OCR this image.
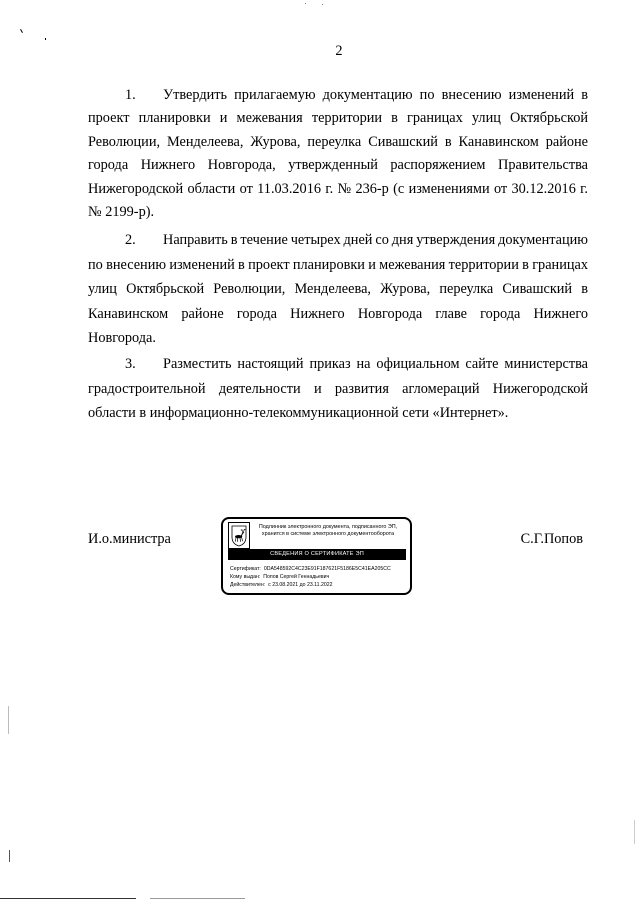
2
1. Утвердить прилагаемую документацию по внесению изменений в
проект планировки и межевания территории в границах улиц Октябрьской
Революции, Менделеева, Журова, переулка Сивашский в Канавинском районе
города Нижнего Новгорода, утвержденный распоряжением Правительства
Нижегородской области от 11.03.2016 г. № 236-р (с изменениями от 30.12.2016 г.
№ 2199-р).
2. Направить в течение четырех дней со дня утверждения документацию
по внесению изменений в проект планировки и межевания территории в границах
улиц Октябрьской Революции, Менделеева, Журова, переулка Сивашский в
Канавинском районе города Нижнего Новгорода главе города Нижнего
Новгорода.
3. Разместить настоящий приказ на официальном сайте министерства
градостроительной деятельности и развития агломераций Нижегородской
области в информационно-телекоммуникационной сети «Интернет».
И.о.министра
Подлинник электронного документа, подписанного ЭП,
хранится в системе электронного документооборота
СВЕДЕНИЯ О СЕРТИФИКАТЕ ЭП
Сертификат: 0DA548592C4C23E91F187621F5186E5C41EA205CC
Кому выдан: Попов Сергей Геннадьевич
Действителен: с 23.08.2021 до 23.11.2022
С.Г.Попов
